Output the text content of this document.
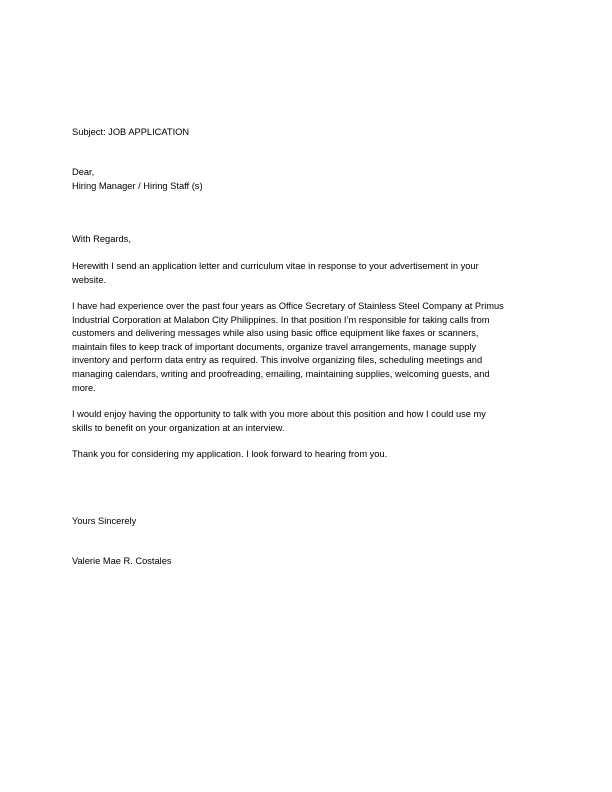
Subject: JOB APPLICATION
Dear,
Hiring Manager / Hiring Staff (s)
With Regards,
Herewith I send an application letter and curriculum vitae in response to your advertisement in your
website.
I have had experience over the past four years as Office Secretary of Stainless Steel Company at Primus
Industrial Corporation at Malabon City Philippines. In that position I’m responsible for taking calls from
customers and delivering messages while also using basic office equipment like faxes or scanners,
maintain files to keep track of important documents, organize travel arrangements, manage supply
inventory and perform data entry as required. This involve organizing files, scheduling meetings and
managing calendars, writing and proofreading, emailing, maintaining supplies, welcoming guests, and
more.
I would enjoy having the opportunity to talk with you more about this position and how I could use my
skills to benefit on your organization at an interview.
Thank you for considering my application. I look forward to hearing from you.
Yours Sincerely
Valerie Mae R. Costales
